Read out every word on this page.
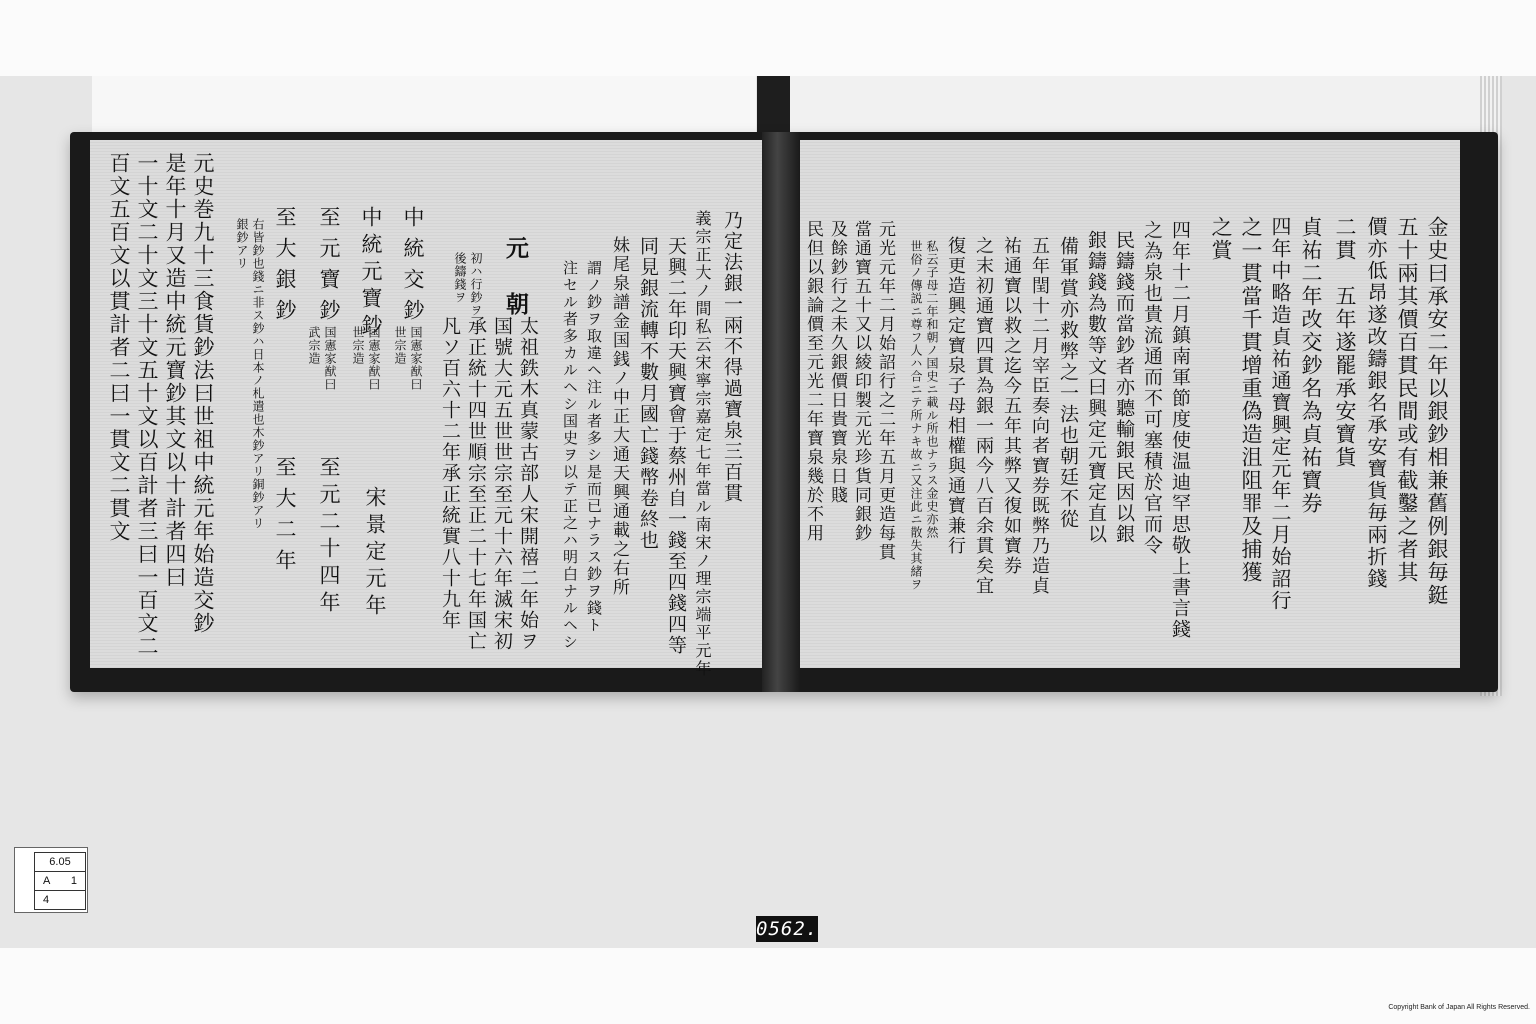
百文五百文以貫計者二曰一貫文二貫文 一十文二十文三十文五十文以百計者三曰一百文二 是年十月又造中統元寶鈔其文以十計者四曰 元史巻九十三食貨鈔法曰世祖中統元年始造交鈔 銀鈔アリ 右皆鈔也錢ニ非ス鈔ハ日本ノ札遣也木鈔アリ銅鈔アリ 至大銀鈔
至大二年
至元寶鈔
武宗造 国憲家猷曰
至元二十四年
中統元寶鈔
世宗造 国憲家猷曰
中統交鈔
世宗造 国憲家猷曰
宋景定元年	凡ソ百六十二年承正統實八十九年 承正統十四世順宗至正二十七年国亡 国號大元五世世宗至元十六年滅宋初 太祖鉄木真蒙古部人宋開禧二年始ヲ
後鑄錢ヲ 初ハ行鈔ヲ 元　朝 注セル者多カルヘシ国史ヲ以テ正之ハ明白ナルヘシ 謂ノ鈔ヲ取違ヘ注ル者多シ是而已ナラス鈔ヲ錢ト 妹尾泉譜金国銭ノ中正大通天興通載之右所 同見銀流轉不數月國亡錢幣卷終也 天興二年印天興寶會于蔡州自一錢至四錢四等 義宗正大ノ間私云宋寧宗嘉定七年當ル南宋ノ理宗端平元年 乃定法銀一兩不得過寶泉三百貫	民但以銀論價至元光二年寶泉幾於不用 及餘鈔行之未久銀價日貴寶泉日賤 當通寶五十又以綾印製元光珍貨同銀鈔 元光元年二月始詔行之二年五月更造每貫 世俗ノ傳説ニ尊フ人ハ合ニテ所ナキ故ニ又注此ニ散失其緒ヲ 私云子母二年和朝ノ国史ニ載ル所也ナラス金史亦然 復更造興定寶泉子母相權與通寶兼行 之末初通寶四貫為銀一兩今八百余貫矣宜 祐通寶以救之迄今五年其弊又復如寶券 五年閏十二月宰臣奏向者寶券既弊乃造貞 備軍賞亦救弊之一法也朝廷不從 銀鑄錢為數等文曰興定元寶定直以 民鑄錢而當鈔者亦聽輸銀民因以銀 之為泉也貴流通而不可塞積於官而令 四年十二月鎮南軍節度使温迪罕思敬上書言錢 之賞 之一貫當千貫增重偽造沮阻罪及捕獲 四年中略造貞祐通寶興定元年二月始詔行 貞祐二年改交鈔名為貞祐寶券 二貫　五年遂罷承安寶貨 價亦低昂遂改鑄銀名承安寶貨毎兩折錢 五十兩其價百貫民間或有截鑿之者其 金史曰承安二年以銀鈔相兼舊例銀毎鋌
6.05
A 1
4
0562.
Copyright Bank of Japan All Rights Reserved.
